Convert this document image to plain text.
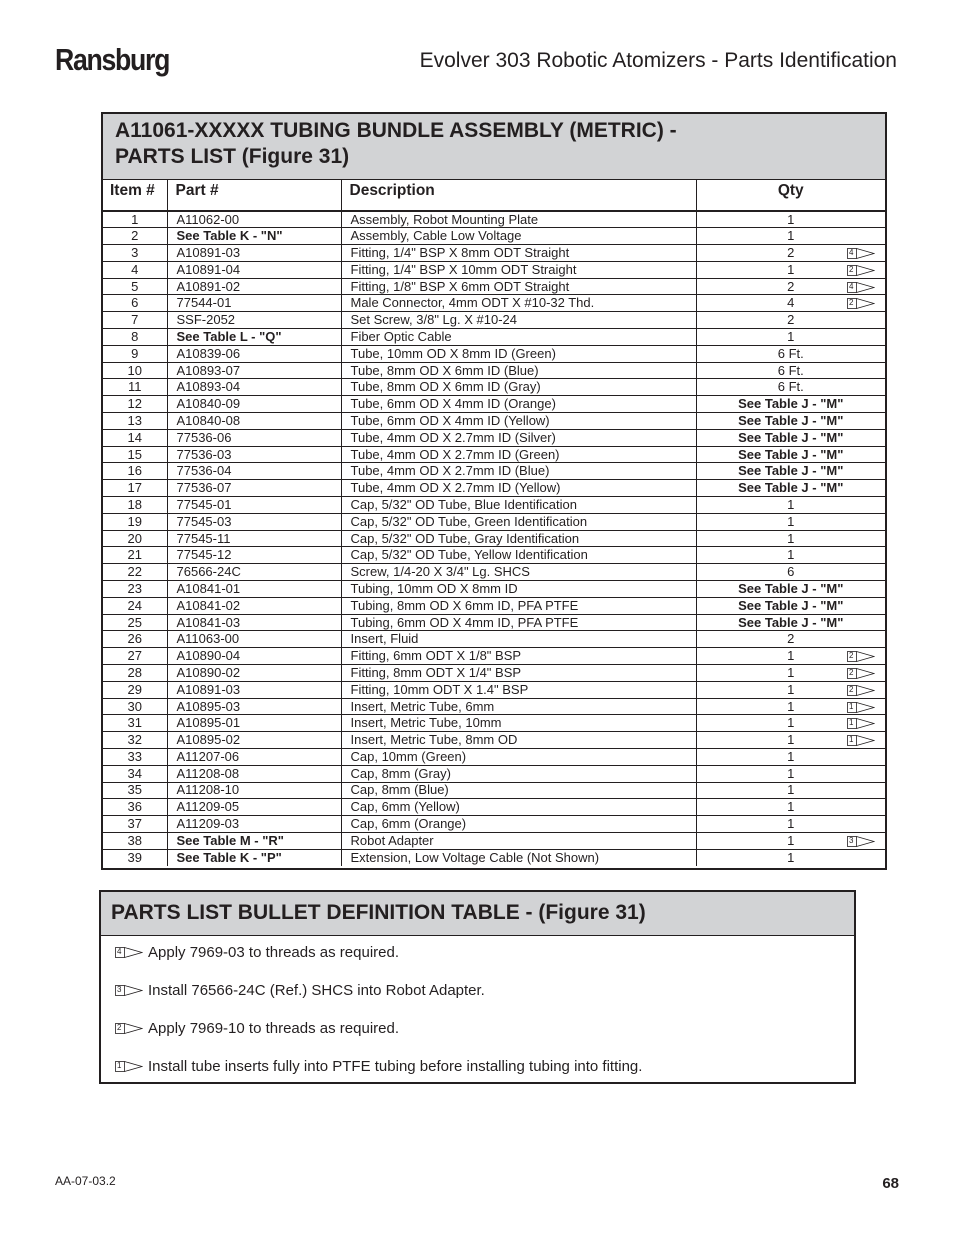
Ransburg	Evolver 303 Robotic Atomizers - Parts Identification
A11061-XXXXX TUBING BUNDLE ASSEMBLY (METRIC) -
PARTS LIST (Figure 31)
Item #	Part #	Description	Qty
1	A11062-00	Assembly, Robot Mounting Plate	1
2	See Table K - "N"	Assembly, Cable Low Voltage	1
3	A10891-03	Fitting, 1/4" BSP X 8mm ODT Straight	2 4

4	A10891-04	Fitting, 1/4" BSP X 10mm ODT Straight	1 2

5	A10891-02	Fitting, 1/8" BSP X 6mm ODT Straight	2 4

6	77544-01	Male Connector, 4mm ODT X #10-32 Thd.	4 2

7	SSF-2052	Set Screw, 3/8" Lg. X #10-24	2
8	See Table L - "Q"	Fiber Optic Cable	1
9	A10839-06	Tube, 10mm OD X 8mm ID (Green)	6 Ft.
10	A10893-07	Tube, 8mm OD X 6mm ID (Blue)	6 Ft.
11	A10893-04	Tube, 8mm OD X 6mm ID (Gray)	6 Ft.
12	A10840-09	Tube, 6mm OD X 4mm ID (Orange)	See Table J - "M"
13	A10840-08	Tube, 6mm OD X 4mm ID (Yellow)	See Table J - "M"
14	77536-06	Tube, 4mm OD X 2.7mm ID (Silver)	See Table J - "M"
15	77536-03	Tube, 4mm OD X 2.7mm ID (Green)	See Table J - "M"
16	77536-04	Tube, 4mm OD X 2.7mm ID (Blue)	See Table J - "M"
17	77536-07	Tube, 4mm OD X 2.7mm ID (Yellow)	See Table J - "M"
18	77545-01	Cap, 5/32" OD Tube, Blue Identification	1
19	77545-03	Cap, 5/32" OD Tube, Green Identification	1
20	77545-11	Cap, 5/32" OD Tube, Gray Identification	1
21	77545-12	Cap, 5/32" OD Tube, Yellow Identification	1
22	76566-24C	Screw, 1/4-20 X 3/4" Lg. SHCS	6
23	A10841-01	Tubing, 10mm OD X 8mm ID	See Table J - "M"
24	A10841-02	Tubing, 8mm OD X 6mm ID, PFA PTFE	See Table J - "M"
25	A10841-03	Tubing, 6mm OD X 4mm ID, PFA PTFE	See Table J - "M"
26	A11063-00	Insert, Fluid	2
27	A10890-04	Fitting, 6mm ODT X 1/8" BSP	1 2

28	A10890-02	Fitting, 8mm ODT X 1/4" BSP	1 2

29	A10891-03	Fitting, 10mm ODT X 1.4" BSP	1 2

30	A10895-03	Insert, Metric Tube, 6mm	1 1

31	A10895-01	Insert, Metric Tube, 10mm	1 1

32	A10895-02	Insert, Metric Tube, 8mm OD	1 1

33	A11207-06	Cap, 10mm (Green)	1
34	A11208-08	Cap, 8mm (Gray)	1
35	A11208-10	Cap, 8mm (Blue)	1
36	A11209-05	Cap, 6mm (Yellow)	1
37	A11209-03	Cap, 6mm (Orange)	1
38	See Table M - "R"	Robot Adapter	1 3

39	See Table K - "P"	Extension, Low Voltage Cable (Not Shown)	1
PARTS LIST BULLET DEFINITION TABLE - (Figure 31)
4 Apply 7969-03 to threads as required.
3 Install 76566-24C (Ref.) SHCS into Robot Adapter.
2 Apply 7969-10 to threads as required.
1 Install tube inserts fully into PTFE tubing before installing tubing into fitting.
AA-07-03.2	68
